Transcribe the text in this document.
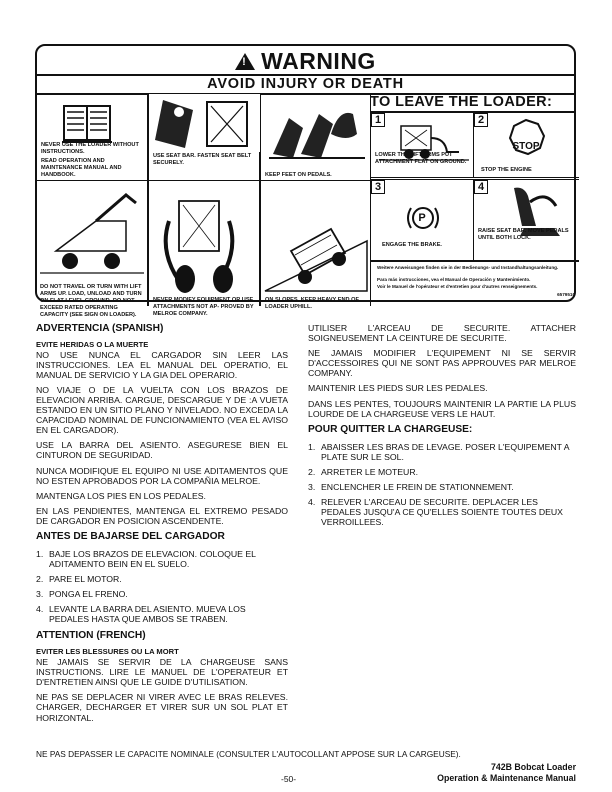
!WARNING
AVOID INJURY OR DEATH
NEVER USE THE LOADER WITHOUT INSTRUCTIONS.
READ OPERATION AND MAINTENANCE MANUAL AND HANDBOOK.
USE SEAT BAR. FASTEN SEAT BELT SECURELY.
KEEP FEET ON PEDALS.
TO LEAVE THE LOADER:
1
LOWER THE LIFT ARMS PUT ATTACHMENT FLAT ON GROUND.
2
STOP
STOP THE ENGINE
3
P
ENGAGE THE BRAKE.
4
RAISE SEAT BAR. MOVE PEDALS UNTIL BOTH LOCK.
DO NOT TRAVEL OR TURN WITH LIFT ARMS UP. LOAD, UNLOAD AND TURN ON FLAT LEVEL GROUND. DO NOT EXCEED RATED OPERATING CAPACITY (SEE SIGN ON LOADER).
NEVER MODIFY EQUIPMENT OR USE ATTACHMENTS NOT AP- PROVED BY MELROE COMPANY.
ON SLOPES, KEEP HEAVY END OF LOADER UPHILL.
Weitere Anweisungen finden sie in der Bedienungs- und Instandhaltungsanleitung.
Para más instrucciones, vea el Manual de Operación y Mantenimiento.
Voir le Manuel de l'opérateur et d'entretien pour d'autres renseignements.
6579510
ADVERTENCIA (SPANISH)
EVITE HERIDAS O LA MUERTE
NO USE NUNCA EL CARGADOR SIN LEER LAS INSTRUCCIONES. LEA EL MANUAL DEL OPERATIO, EL MANUAL DE SERVICIO Y LA GIA DEL OPERARIO.
NO VIAJE O DE LA VUELTA CON LOS BRAZOS DE ELEVACION ARRIBA. CARGUE, DESCARGUE Y DE :A VUETA ESTANDO EN UN SITIO PLANO Y NIVELADO. NO EXCEDA LA CAPACIDAD NOMINAL DE FUNCIONAMIENTO (VEA EL AVISO EN EL CARGADOR).
USE LA BARRA DEL ASIENTO. ASEGURESE BIEN EL CINTURON DE SEGURIDAD.
NUNCA MODIFIQUE EL EQUIPO NI USE ADITAMENTOS QUE NO ESTEN APROBADOS POR LA COMPAÑIA MELROE.
MANTENGA LOS PIES EN LOS PEDALES.
EN LAS PENDIENTES, MANTENGA EL EXTREMO PESADO DE CARGADOR EN POSICION ASCENDENTE.
ANTES DE BAJARSE DEL CARGADOR
1. BAJE LOS BRAZOS DE ELEVACION. COLOQUE EL ADITAMENTO BEIN EN EL SUELO.
2. PARE EL MOTOR.
3. PONGA EL FRENO.
4. LEVANTE LA BARRA DEL ASIENTO. MUEVA LOS PEDALES HASTA QUE AMBOS SE TRABEN.
ATTENTION (FRENCH)
EVITER LES BLESSURES OU LA MORT
NE JAMAIS SE SERVIR DE LA CHARGEUSE SANS INSTRUCTIONS. LIRE LE MANUEL DE L'OPERATEUR ET D'ENTRETIEN AINSI QUE LE GUIDE D'UTILISATION.
NE PAS SE DEPLACER NI VIRER AVEC LE BRAS RELEVES. CHARGER, DECHARGER ET VIRER SUR UN SOL PLAT ET HORIZONTAL.
NE PAS DEPASSER LE CAPACITE NOMINALE (CONSULTER L'AUTOCOLLANT APPOSE SUR LA CARGEUSE).
UTILISER L'ARCEAU DE SECURITE. ATTACHER SOIGNEUSEMENT LA CEINTURE DE SECURITE.
NE JAMAIS MODIFIER L'EQUIPEMENT NI SE SERVIR D'ACCESSOIRES QUI NE SONT PAS APPROUVES PAR MELROE COMPANY.
MAINTENIR LES PIEDS SUR LES PEDALES.
DANS LES PENTES, TOUJOURS MAINTENIR LA PARTIE LA PLUS LOURDE DE LA CHARGEUSE VERS LE HAUT.
POUR QUITTER LA CHARGEUSE:
1. ABAISSER LES BRAS DE LEVAGE. POSER L'EQUIPEMENT A PLATE SUR LE SOL.
2. ARRETER LE MOTEUR.
3. ENCLENCHER LE FREIN DE STATIONNEMENT.
4. RELEVER L'ARCEAU DE SECURITE. DEPLACER LES PEDALES JUSQU'A CE QU'ELLES SOIENTE TOUTES DEUX VERROILLEES.
-50-
742B Bobcat Loader
Operation & Maintenance Manual
